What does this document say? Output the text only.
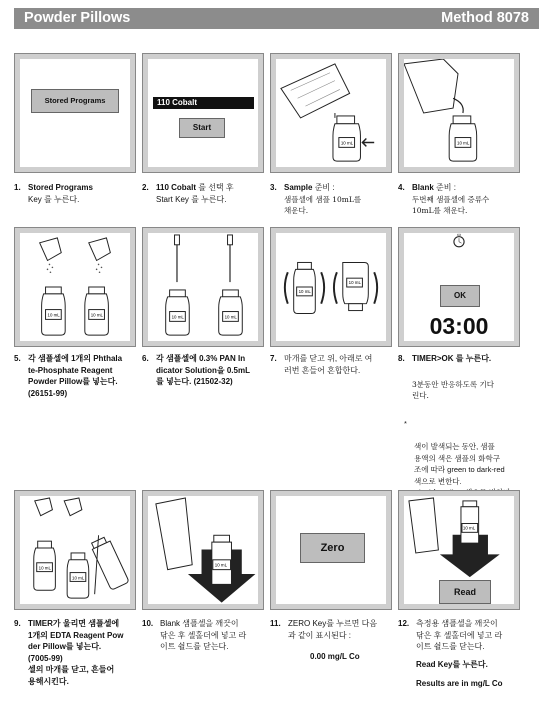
Powder Pillows	Method 8078
Stored Programs	110 Cobalt
Start
10 mL	10 mL
1. Stored Programs
Key 를 누른다.
2. 110 Cobalt 를 선택 후
Start Key 를 누른다.
3. Sample 준비 :
샘플셀에 샘플 10mL를
채운다.
4. Blank 준비 :
두번째 샘플셀에 증류수
10mL를 채운다.
10 mL	10 mL	10 mL	10 mL
10 mL
10 mL
OK
03:00
5. 각 샘플셀에 1개의 Phthala
te-Phosphate Reagent
Powder Pillow를 넣는다.
(26151-99)
6. 각 샘플셀에 0.3% PAN In
dicator Solution을 0.5mL
를 넣는다. (21502-32)
7. 마개를 닫고 위, 아래로 여
러번 흔들어 혼합한다.
8. TIMER>OK 를 누른다.
3분동안 반응하도록 기다
린다.

*

색이 발색되는 동안, 샘플
용액의 색은 샘플의 화학구
조에 따라 green to dark-red
색으로 변한다.

10 mL
10 mL
10 mL
Zero
10 mL
Read
9. TIMER가 울리면 샘플셀에
1개의 EDTA Reagent Pow
der Pillow를 넣는다.
(7005-99)
셀의 마개를 닫고, 흔들어
용해시킨다.
10. Blank 샘플셀을 깨끗이
닦은 후 셀홀더에 넣고 라
이트 쉴드를 닫는다.
11. ZERO Key를 누르면 다음
과 같이 표시된다 :
0.00 mg/L Co
12. 측정용 샘플셀을 깨끗이
닦은 후 셀홀더에 넣고 라
이트 쉴드를 닫는다.
Read Key를 누른다.
Results are in mg/L Co
